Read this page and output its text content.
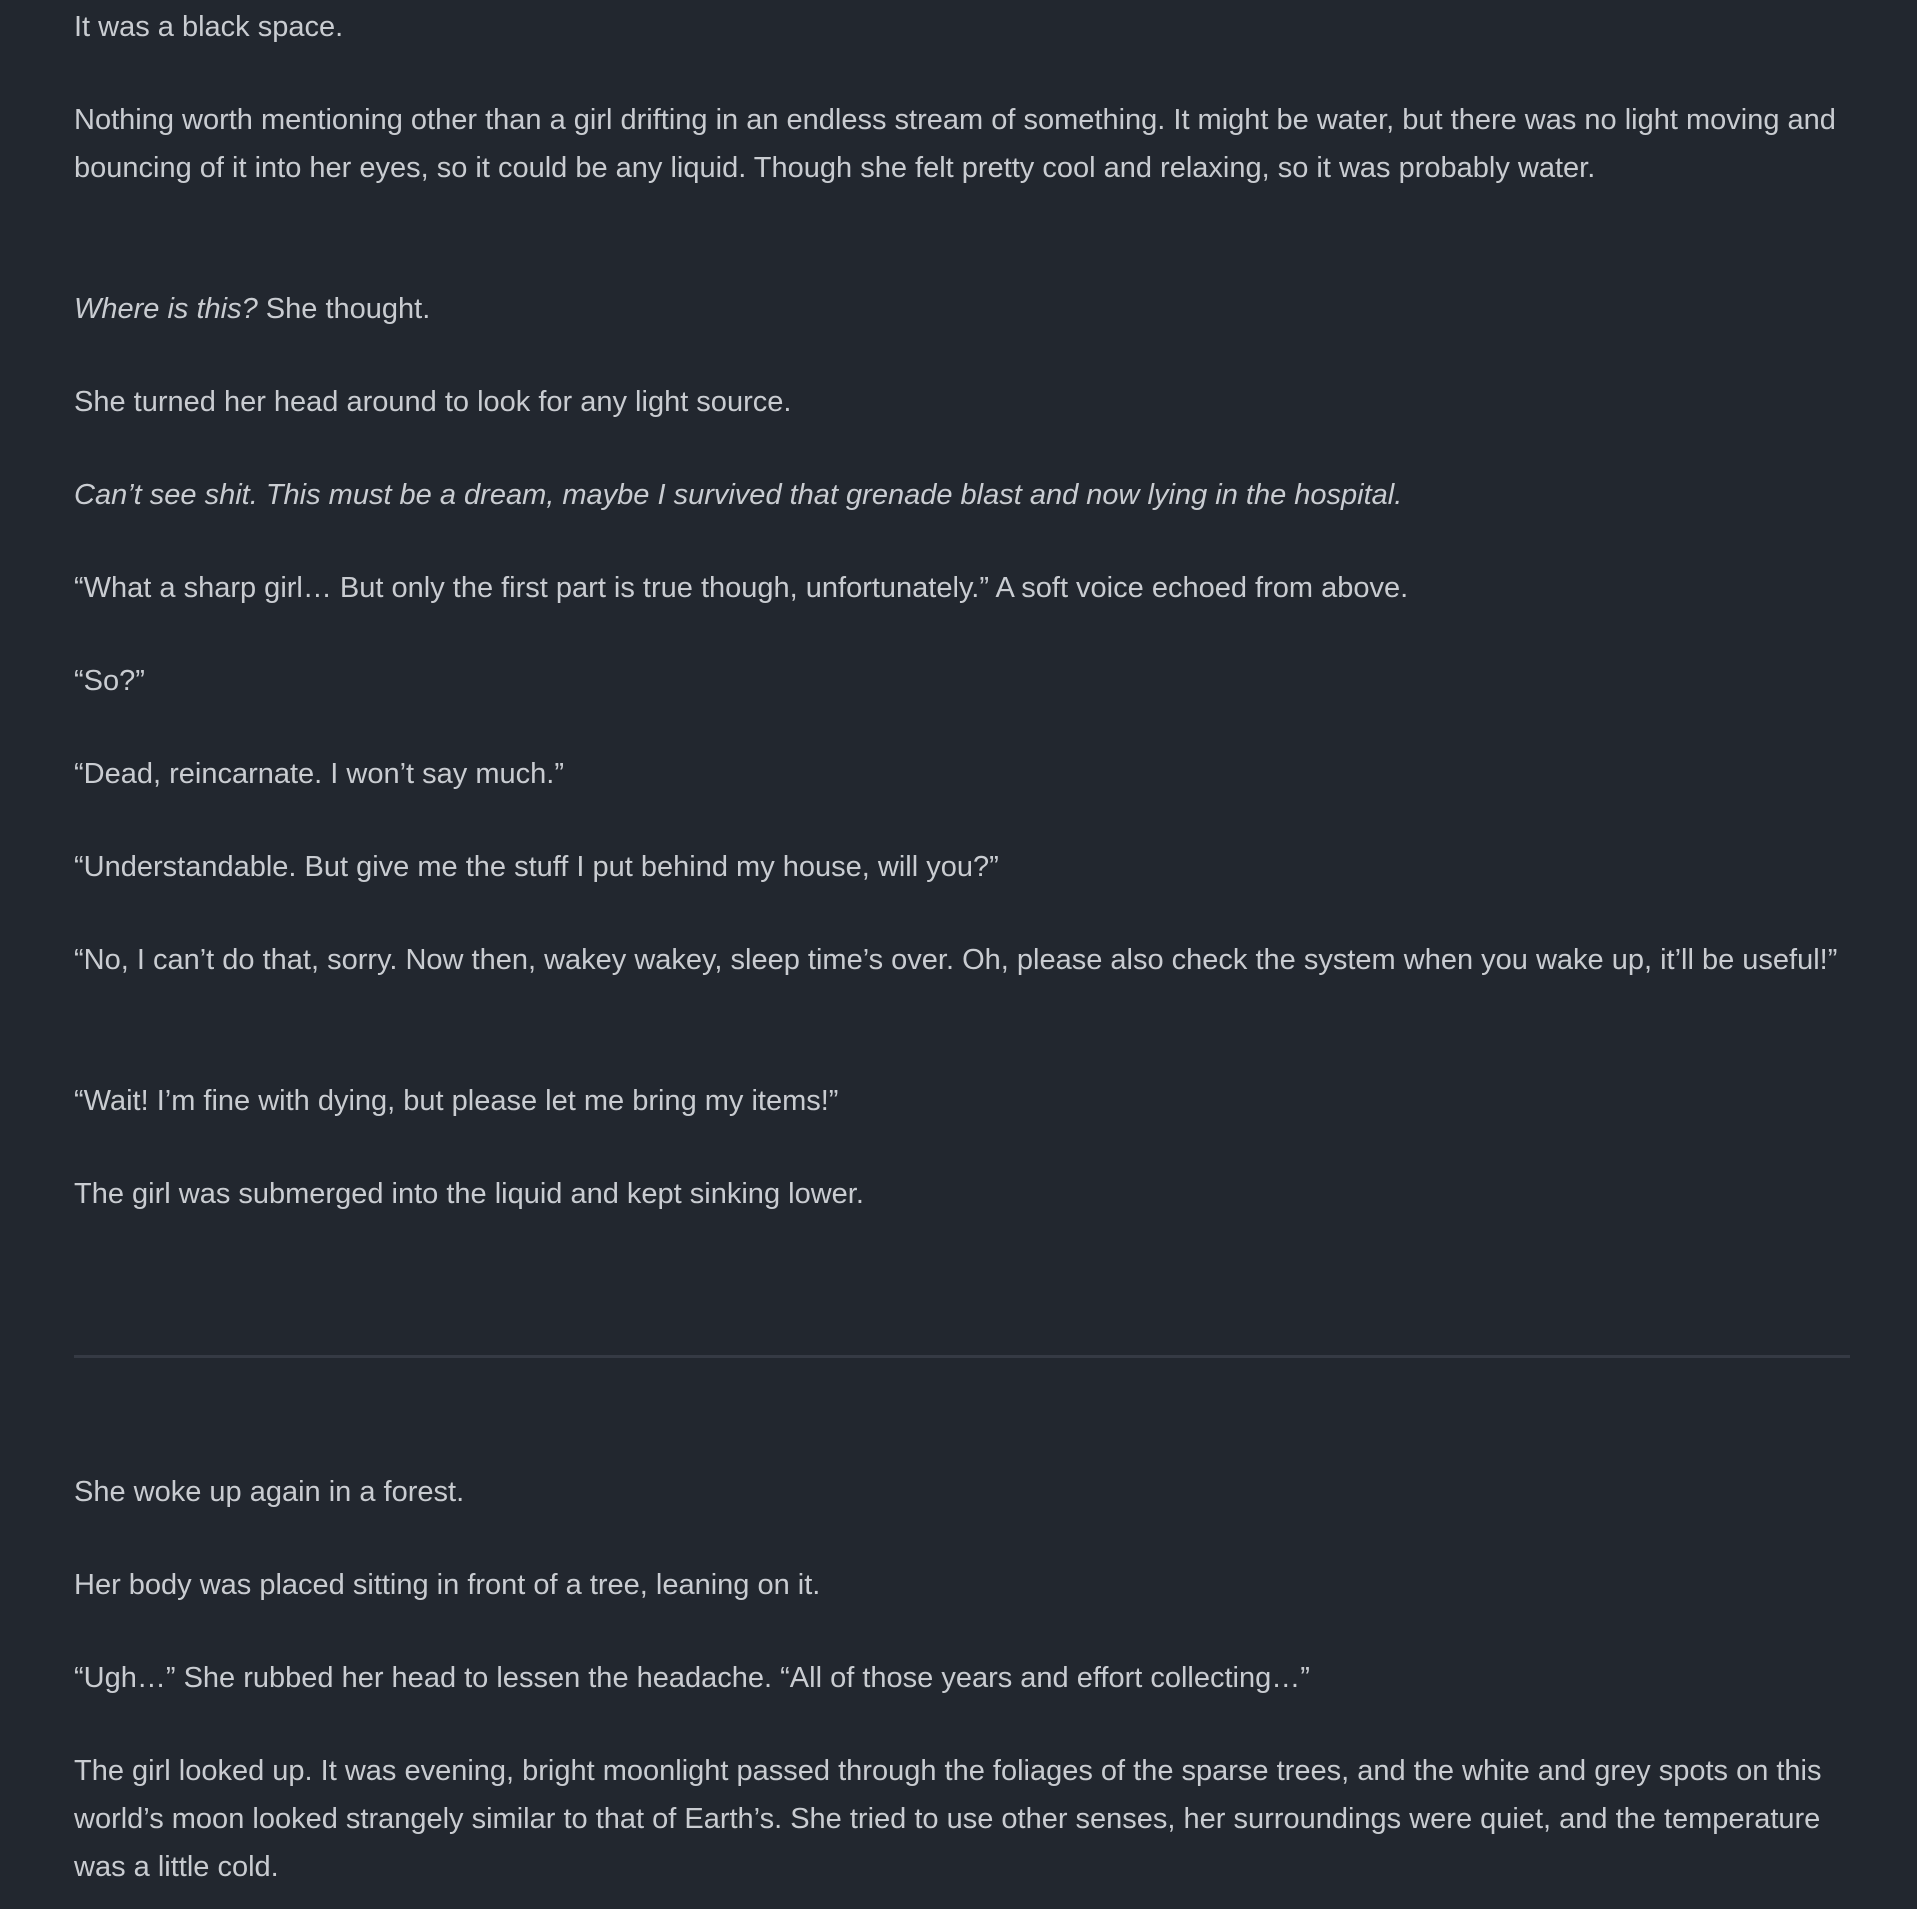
It was a black space.

Nothing worth mentioning other than a girl drifting in an endless stream of something. It might be water, but there was no light moving and bouncing of it into her eyes, so it could be any liquid. Though she felt pretty cool and relaxing, so it was probably water.

Where is this? She thought.

She turned her head around to look for any light source.

Can’t see shit. This must be a dream, maybe I survived that grenade blast and now lying in the hospital.

“What a sharp girl… But only the first part is true though, unfortunately.” A soft voice echoed from above.

“So?”

“Dead, reincarnate. I won’t say much.”

“Understandable. But give me the stuff I put behind my house, will you?”

“No, I can’t do that, sorry. Now then, wakey wakey, sleep time’s over. Oh, please also check the system when you wake up, it’ll be useful!”

“Wait! I’m fine with dying, but please let me bring my items!”

The girl was submerged into the liquid and kept sinking lower.

She woke up again in a forest.

Her body was placed sitting in front of a tree, leaning on it.

“Ugh…” She rubbed her head to lessen the headache. “All of those years and effort collecting…”

The girl looked up. It was evening, bright moonlight passed through the foliages of the sparse trees, and the white and grey spots on this world’s moon looked strangely similar to that of Earth’s. She tried to use other senses, her surroundings were quiet, and the temperature was a little cold.
